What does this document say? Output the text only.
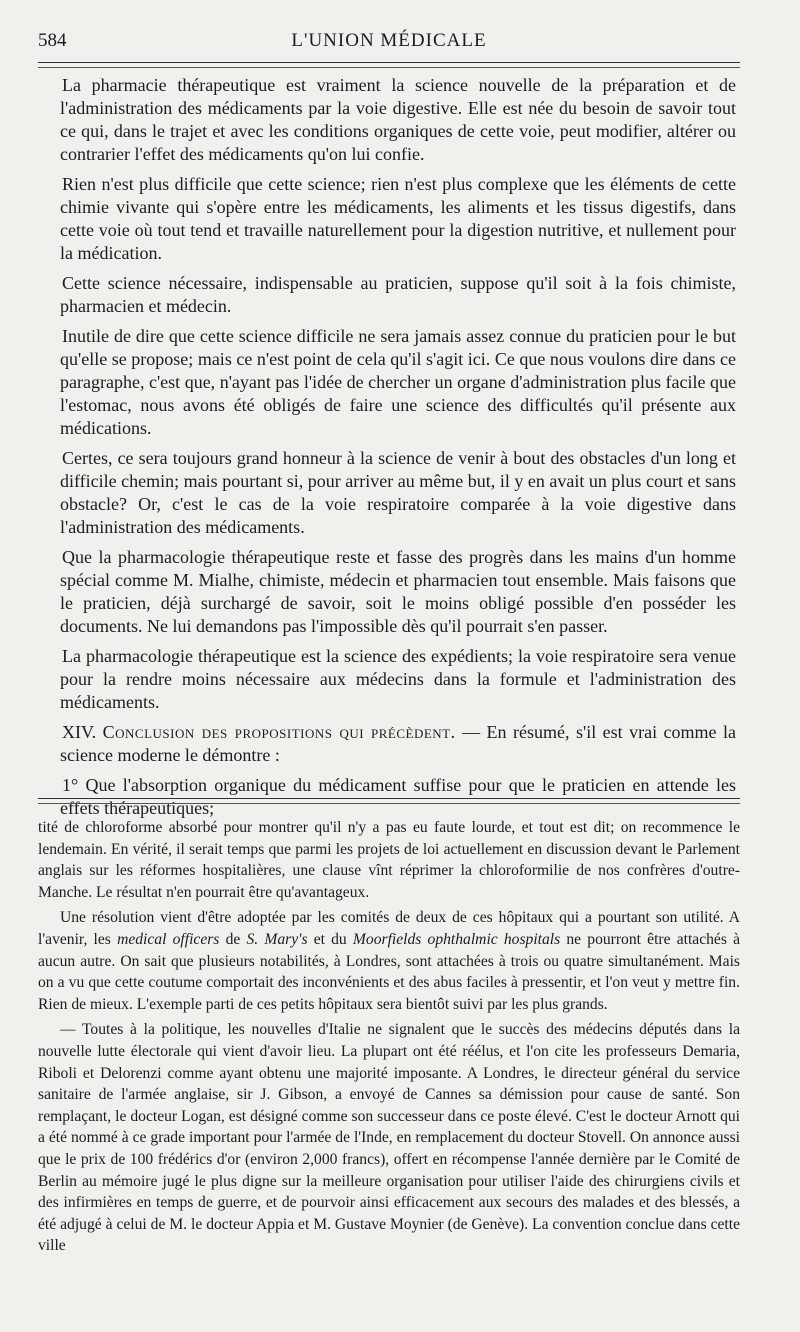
584	L'UNION MÉDICALE

La pharmacie thérapeutique est vraiment la science nouvelle de la préparation et de l'administration des médicaments par la voie digestive. Elle est née du besoin de savoir tout ce qui, dans le trajet et avec les conditions organiques de cette voie, peut modifier, altérer ou contrarier l'effet des médicaments qu'on lui confie.

Rien n'est plus difficile que cette science; rien n'est plus complexe que les éléments de cette chimie vivante qui s'opère entre les médicaments, les aliments et les tissus digestifs, dans cette voie où tout tend et travaille naturellement pour la digestion nutritive, et nullement pour la médication.

Cette science nécessaire, indispensable au praticien, suppose qu'il soit à la fois chimiste, pharmacien et médecin.

Inutile de dire que cette science difficile ne sera jamais assez connue du praticien pour le but qu'elle se propose; mais ce n'est point de cela qu'il s'agit ici. Ce que nous voulons dire dans ce paragraphe, c'est que, n'ayant pas l'idée de chercher un organe d'administration plus facile que l'estomac, nous avons été obligés de faire une science des difficultés qu'il présente aux médications.

Certes, ce sera toujours grand honneur à la science de venir à bout des obstacles d'un long et difficile chemin; mais pourtant si, pour arriver au même but, il y en avait un plus court et sans obstacle? Or, c'est le cas de la voie respiratoire comparée à la voie digestive dans l'administration des médicaments.

Que la pharmacologie thérapeutique reste et fasse des progrès dans les mains d'un homme spécial comme M. Mialhe, chimiste, médecin et pharmacien tout ensemble. Mais faisons que le praticien, déjà surchargé de savoir, soit le moins obligé possible d'en posséder les documents. Ne lui demandons pas l'impossible dès qu'il pourrait s'en passer.

La pharmacologie thérapeutique est la science des expédients; la voie respiratoire sera venue pour la rendre moins nécessaire aux médecins dans la formule et l'administration des médicaments.

XIV. Conclusion des propositions qui précèdent. — En résumé, s'il est vrai comme la science moderne le démontre :

1° Que l'absorption organique du médicament suffise pour que le praticien en attende les effets thérapeutiques;

tité de chloroforme absorbé pour montrer qu'il n'y a pas eu faute lourde, et tout est dit; on recommence le lendemain. En vérité, il serait temps que parmi les projets de loi actuellement en discussion devant le Parlement anglais sur les réformes hospitalières, une clause vînt réprimer la chloroformilie de nos confrères d'outre-Manche. Le résultat n'en pourrait être qu'avantageux.

Une résolution vient d'être adoptée par les comités de deux de ces hôpitaux qui a pourtant son utilité. A l'avenir, les medical officers de S. Mary's et du Moorfields ophthalmic hospitals ne pourront être attachés à aucun autre. On sait que plusieurs notabilités, à Londres, sont attachées à trois ou quatre simultanément. Mais on a vu que cette coutume comportait des inconvénients et des abus faciles à pressentir, et l'on veut y mettre fin. Rien de mieux. L'exemple parti de ces petits hôpitaux sera bientôt suivi par les plus grands.

— Toutes à la politique, les nouvelles d'Italie ne signalent que le succès des médecins députés dans la nouvelle lutte électorale qui vient d'avoir lieu. La plupart ont été réélus, et l'on cite les professeurs Demaria, Riboli et Delorenzi comme ayant obtenu une majorité imposante. A Londres, le directeur général du service sanitaire de l'armée anglaise, sir J. Gibson, a envoyé de Cannes sa démission pour cause de santé. Son remplaçant, le docteur Logan, est désigné comme son successeur dans ce poste élevé. C'est le docteur Arnott qui a été nommé à ce grade important pour l'armée de l'Inde, en remplacement du docteur Stovell. On annonce aussi que le prix de 100 frédérics d'or (environ 2,000 francs), offert en récompense l'année dernière par le Comité de Berlin au mémoire jugé le plus digne sur la meilleure organisation pour utiliser l'aide des chirurgiens civils et des infirmières en temps de guerre, et de pourvoir ainsi efficacement aux secours des malades et des blessés, a été adjugé à celui de M. le docteur Appia et M. Gustave Moynier (de Genève). La convention conclue dans cette ville
